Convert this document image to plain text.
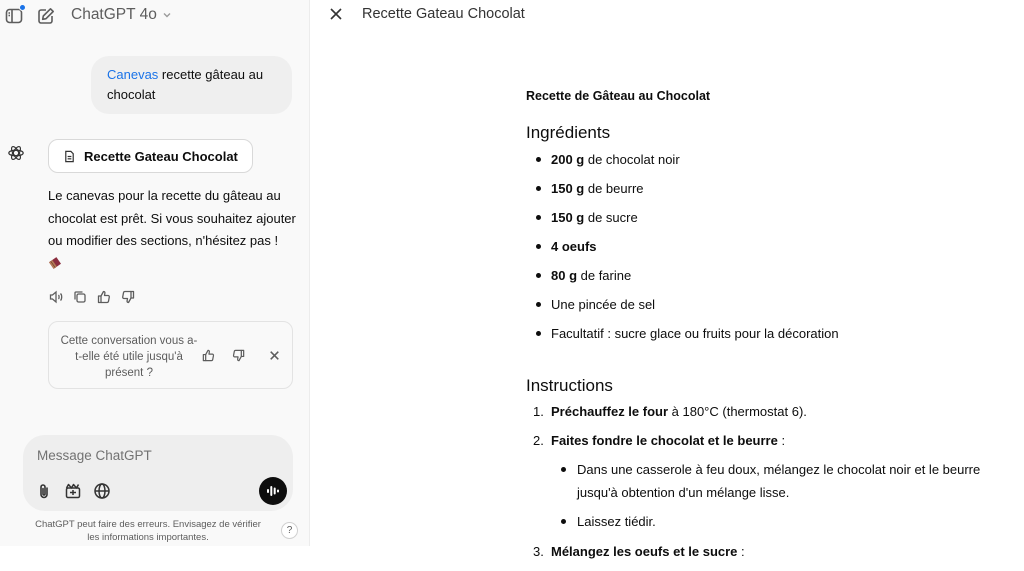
ChatGPT 4o
Canevas recette gâteau au chocolat
Recette Gateau Chocolat
Le canevas pour la recette du gâteau au chocolat est prêt. Si vous souhaitez ajouter ou modifier des sections, n'hésitez pas !

Cette conversation vous a-t-elle été utile jusqu'à présent ?
Message ChatGPT
ChatGPT peut faire des erreurs. Envisagez de vérifier les informations importantes.
?
Recette Gateau Chocolat
Recette de Gâteau au Chocolat
Ingrédients
200 g de chocolat noir
150 g de beurre
150 g de sucre
4 oeufs
80 g de farine
Une pincée de sel
Facultatif : sucre glace ou fruits pour la décoration
Instructions
1. Préchauffez le four à 180°C (thermostat 6).
2. Faites fondre le chocolat et le beurre :
Dans une casserole à feu doux, mélangez le chocolat noir et le beurre jusqu'à obtention d'un mélange lisse.
Laissez tiédir.
3. Mélangez les oeufs et le sucre :
